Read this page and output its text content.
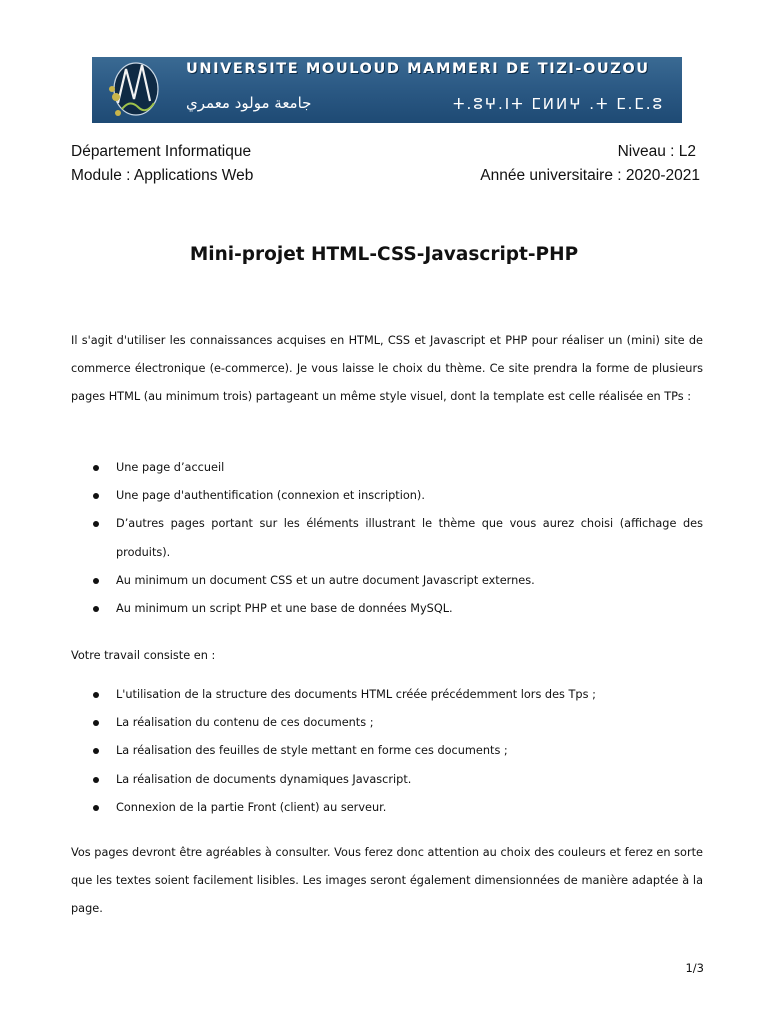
UNIVERSITE MOULOUD MAMMERI DE TIZI-OUZOU
جامعة مولود معمري	ⵜ.ⵓⵖ.ⵏⵜ ⵎⵍⵍⵖ .ⵜ ⵎ.ⵎ.ⵓ
Département Informatique
Module : Applications Web
Niveau : L2
Année universitaire : 2020-2021
Mini-projet HTML-CSS-Javascript-PHP

Il s'agit d'utiliser les connaissances acquises en HTML, CSS et Javascript et PHP pour réaliser un (mini) site de commerce électronique (e-commerce). Je vous laisse le choix du thème. Ce site prendra la forme de plusieurs pages HTML (au minimum trois) partageant un même style visuel, dont la template est celle réalisée en TPs :

Une page d’accueil
Une page d'authentification (connexion et inscription).
D’autres pages portant sur les éléments illustrant le thème que vous aurez choisi (affichage des produits).
Au minimum un document CSS et un autre document Javascript externes.
Au minimum un script PHP et une base de données MySQL.

Votre travail consiste en :

L'utilisation de la structure des documents HTML créée précédemment lors des Tps ;
La réalisation du contenu de ces documents ;
La réalisation des feuilles de style mettant en forme ces documents ;
La réalisation de documents dynamiques Javascript.
Connexion de la partie Front (client) au serveur.

Vos pages devront être agréables à consulter. Vous ferez donc attention au choix des couleurs et ferez en sorte que les textes soient facilement lisibles. Les images seront également dimensionnées de manière adaptée à la page.

1/3
